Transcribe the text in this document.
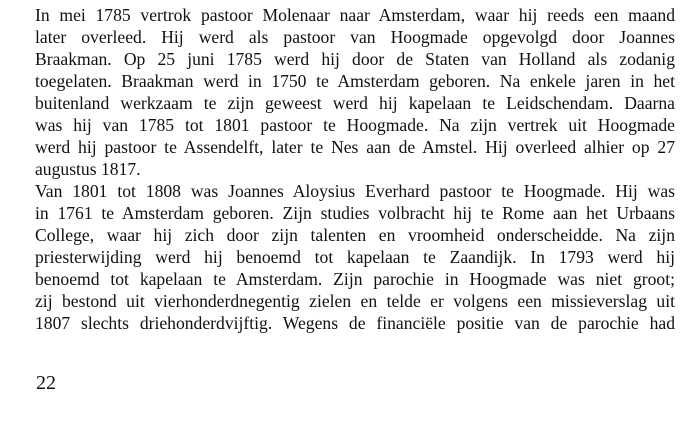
In mei 1785 vertrok pastoor Molenaar naar Amsterdam, waar hij reeds een maand
later overleed. Hij werd als pastoor van Hoogmade opgevolgd door Joannes
Braakman. Op 25 juni 1785 werd hij door de Staten van Holland als zodanig
toegelaten. Braakman werd in 1750 te Amsterdam geboren. Na enkele jaren in het
buitenland werkzaam te zijn geweest werd hij kapelaan te Leidschendam. Daarna
was hij van 1785 tot 1801 pastoor te Hoogmade. Na zijn vertrek uit Hoogmade
werd hij pastoor te Assendelft, later te Nes aan de Amstel. Hij overleed alhier op 27
augustus 1817.
Van 1801 tot 1808 was Joannes Aloysius Everhard pastoor te Hoogmade. Hij was
in 1761 te Amsterdam geboren. Zijn studies volbracht hij te Rome aan het Urbaans
College, waar hij zich door zijn talenten en vroomheid onderscheidde. Na zijn
priesterwijding werd hij benoemd tot kapelaan te Zaandijk. In 1793 werd hij
benoemd tot kapelaan te Amsterdam. Zijn parochie in Hoogmade was niet groot;
zij bestond uit vierhonderdnegentig zielen en telde er volgens een missieverslag uit
1807 slechts driehonderdvijftig. Wegens de financiële positie van de parochie had
22
